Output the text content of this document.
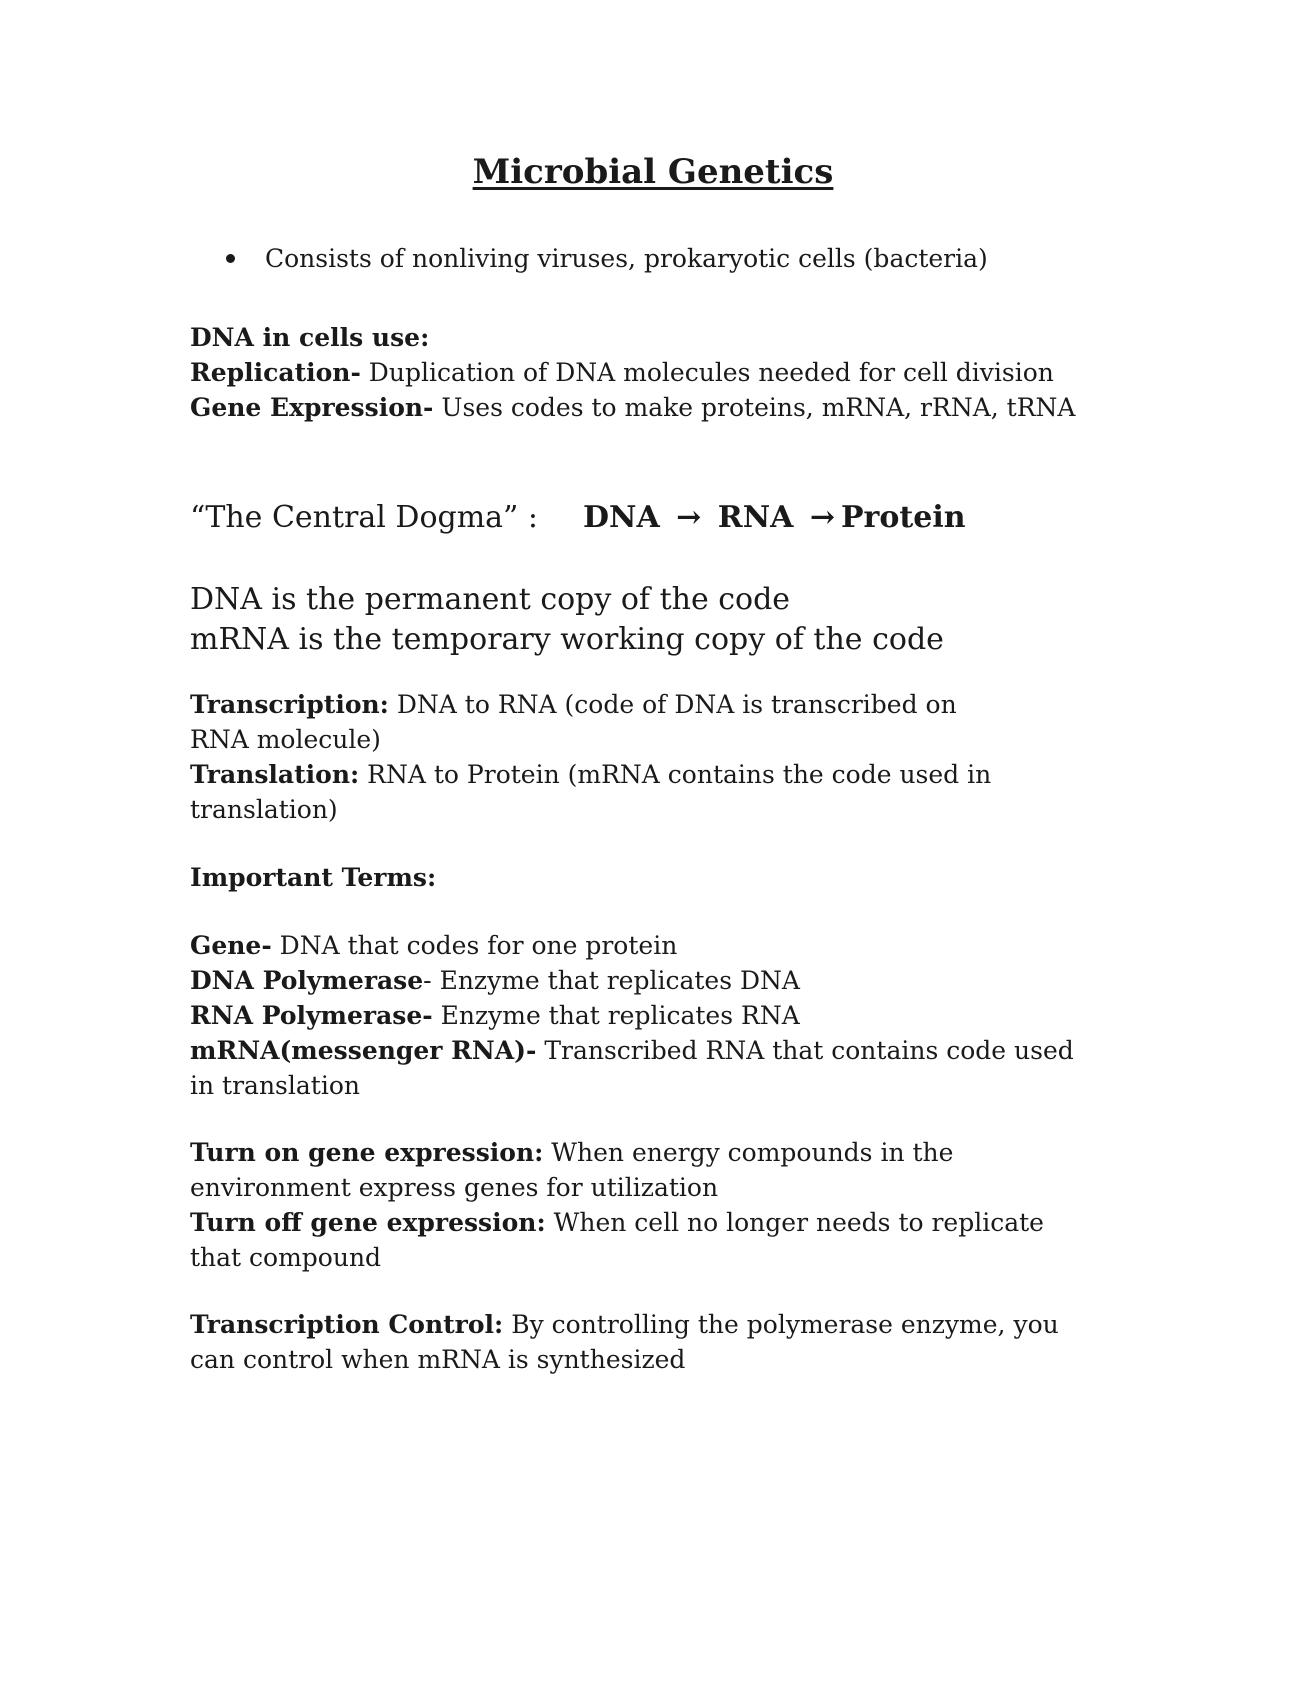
Microbial Genetics
Consists of nonliving viruses, prokaryotic cells (bacteria)
DNA in cells use:
Replication- Duplication of DNA molecules needed for cell division
Gene Expression- Uses codes to make proteins, mRNA, rRNA, tRNA
“The Central Dogma” : DNA → RNA → Protein
DNA is the permanent copy of the code
mRNA is the temporary working copy of the code
Transcription: DNA to RNA (code of DNA is transcribed on RNA molecule)
Translation: RNA to Protein (mRNA contains the code used in translation)
Important Terms:
Gene- DNA that codes for one protein
DNA Polymerase- Enzyme that replicates DNA
RNA Polymerase- Enzyme that replicates RNA
mRNA(messenger RNA)- Transcribed RNA that contains code used in translation
Turn on gene expression: When energy compounds in the environment express genes for utilization
Turn off gene expression: When cell no longer needs to replicate that compound
Transcription Control: By controlling the polymerase enzyme, you can control when mRNA is synthesized
